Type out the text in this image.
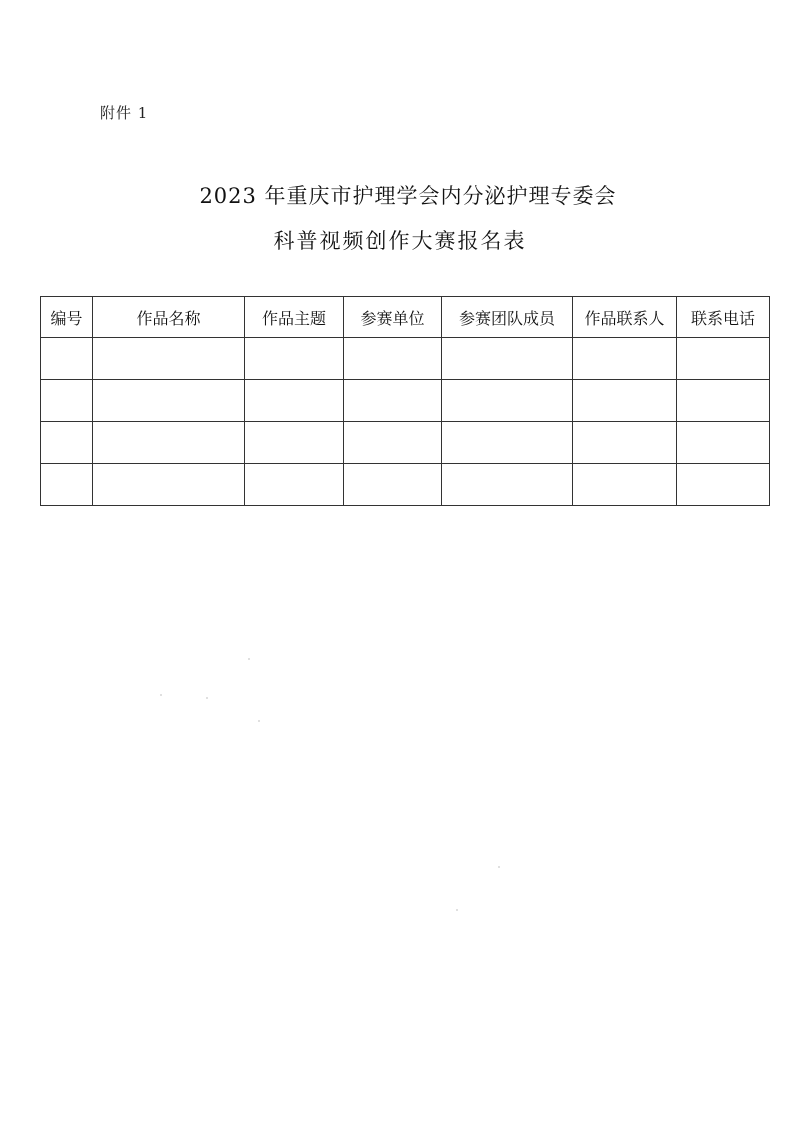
附件 1
2023 年重庆市护理学会内分泌护理专委会
科普视频创作大赛报名表
编号	作品名称	作品主题	参赛单位	参赛团队成员	作品联系人	联系电话
